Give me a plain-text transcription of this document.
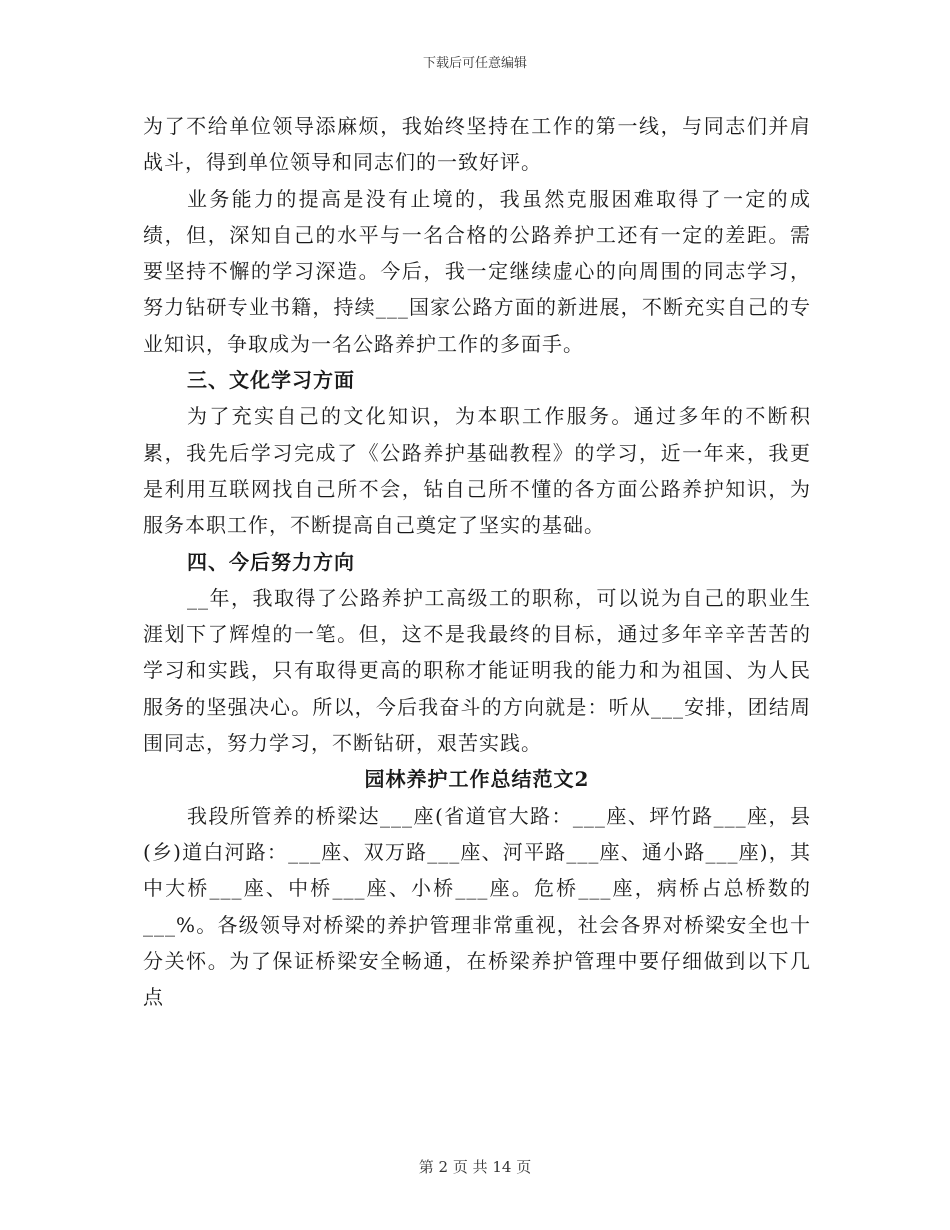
下载后可任意编辑

为了不给单位领导添麻烦，我始终坚持在工作的第一线，与同志们并肩战斗，得到单位领导和同志们的一致好评。

业务能力的提高是没有止境的，我虽然克服困难取得了一定的成绩，但，深知自己的水平与一名合格的公路养护工还有一定的差距。需要坚持不懈的学习深造。今后，我一定继续虚心的向周围的同志学习，努力钻研专业书籍，持续___国家公路方面的新进展，不断充实自己的专业知识，争取成为一名公路养护工作的多面手。

三、文化学习方面

为了充实自己的文化知识，为本职工作服务。通过多年的不断积累，我先后学习完成了《公路养护基础教程》的学习，近一年来，我更是利用互联网找自己所不会，钻自己所不懂的各方面公路养护知识，为服务本职工作，不断提高自己奠定了坚实的基础。

四、今后努力方向

__年，我取得了公路养护工高级工的职称，可以说为自己的职业生涯划下了辉煌的一笔。但，这不是我最终的目标，通过多年辛辛苦苦的学习和实践，只有取得更高的职称才能证明我的能力和为祖国、为人民服务的坚强决心。所以，今后我奋斗的方向就是：听从___安排，团结周围同志，努力学习，不断钻研，艰苦实践。

园林养护工作总结范文2

我段所管养的桥梁达___座(省道官大路：___座、坪竹路___座，县(乡)道白河路：___座、双万路___座、河平路___座、通小路___座)，其中大桥___座、中桥___座、小桥___座。危桥___座，病桥占总桥数的___%。各级领导对桥梁的养护管理非常重视，社会各界对桥梁安全也十分关怀。为了保证桥梁安全畅通，在桥梁养护管理中要仔细做到以下几点

第 2 页 共 14 页
